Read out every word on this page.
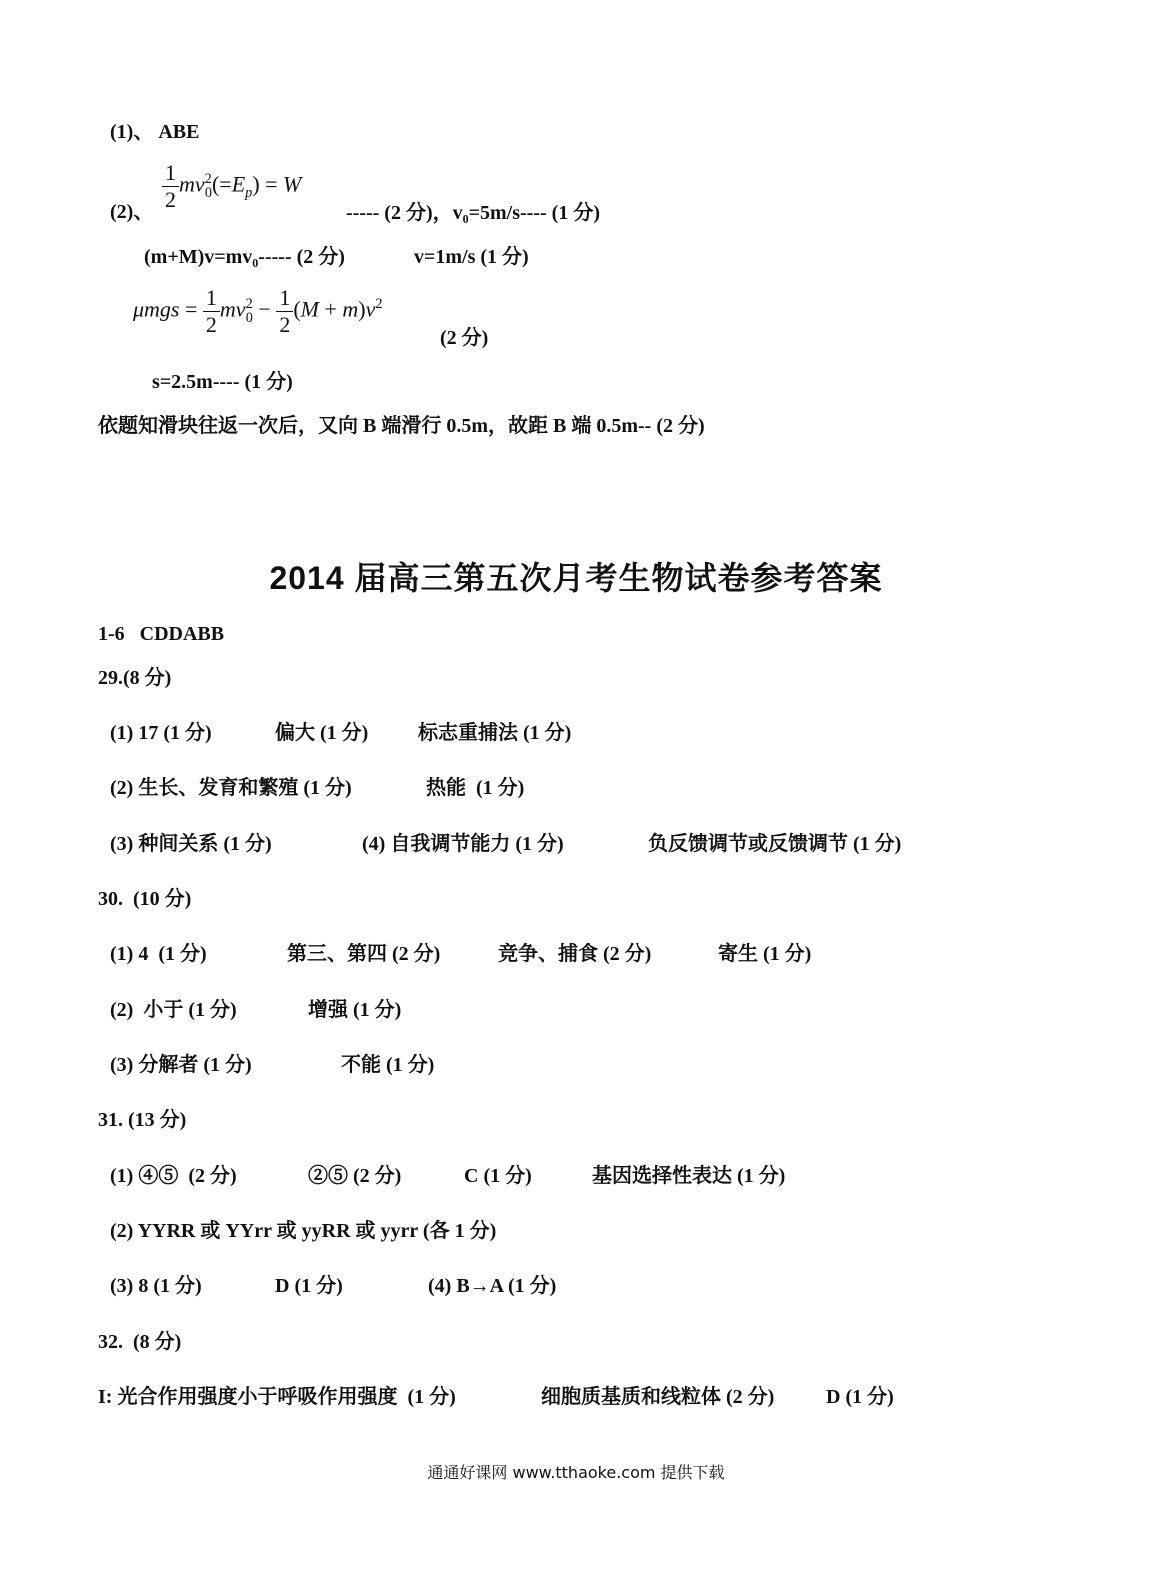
(1)、 ABE
(2)、 $\frac{1}{2} mv^2_0(=E_p) = W$
----- (2 分)，v₀=5m/s---- (1 分)
(m+M)v=mv₀----- (2 分)	v=1m/s (1 分)
$\mu mgs = \frac{1}{2} mv^2_0 - \frac{1}{2} (M + m)v^2$
(2 分)
s=2.5m---- (1 分)
依题知滑块往返一次后，又向 B 端滑行 0.5m，故距 B 端 0.5m-- (2 分)
2014 届高三第五次月考生物试卷参考答案
1-6   CDDABB
29.(8 分)
(1) 17 (1 分)	偏大 (1 分) 标志重捕法 (1 分)
(2) 生长、发育和繁殖 (1 分)	热能  (1 分)
(3) 种间关系 (1 分)	(4) 自我调节能力 (1 分)	负反馈调节或反馈调节 (1 分)
30.  (10 分)
(1) 4  (1 分)	第三、第四 (2 分)	竞争、捕食 (2 分)	寄生 (1 分)
(2)  小于 (1 分)	增强 (1 分)
(3) 分解者 (1 分)	不能 (1 分)
31. (13 分)
(1) ④⑤  (2 分)	②⑤ (2 分)	C (1 分)	基因选择性表达 (1 分)
(2) YYRR 或 YYrr 或 yyRR 或 yyrr (各 1 分)
(3) 8 (1 分)	D (1 分)	(4) B→A (1 分)
32.  (8 分)
I: 光合作用强度小于呼吸作用强度  (1 分)	细胞质基质和线粒体 (2 分)	D (1 分)
通通好课网 www.tthaoke.com 提供下载
